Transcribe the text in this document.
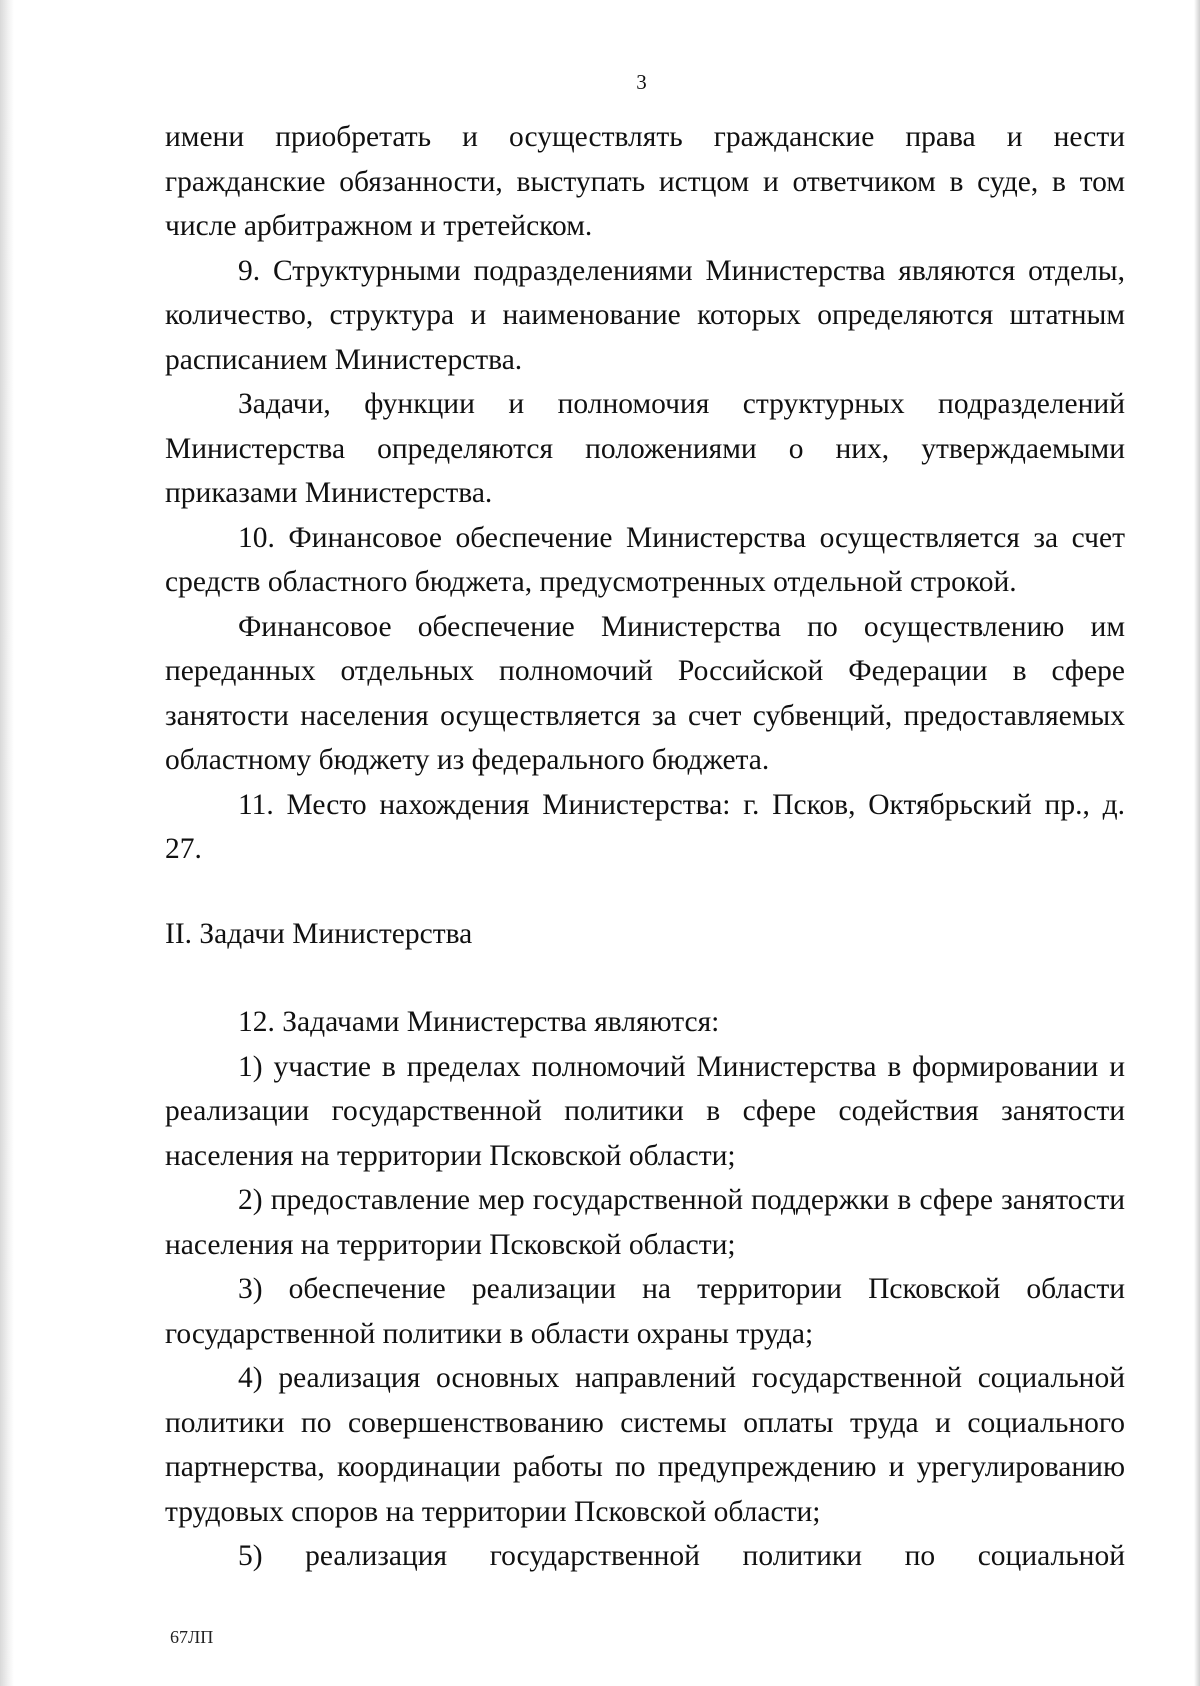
3

имени приобретать и осуществлять гражданские права и нести гражданские обязанности, выступать истцом и ответчиком в суде, в том числе арбитражном и третейском.

9. Структурными подразделениями Министерства являются отделы, количество, структура и наименование которых определяются штатным расписанием Министерства.

Задачи, функции и полномочия структурных подразделений Министерства определяются положениями о них, утверждаемыми приказами Министерства.

10. Финансовое обеспечение Министерства осуществляется за счет средств областного бюджета, предусмотренных отдельной строкой.

Финансовое обеспечение Министерства по осуществлению им переданных отдельных полномочий Российской Федерации в сфере занятости населения осуществляется за счет субвенций, предоставляемых областному бюджету из федерального бюджета.

11. Место нахождения Министерства: г. Псков, Октябрьский пр., д. 27.

II. Задачи Министерства

12. Задачами Министерства являются:

1) участие в пределах полномочий Министерства в формировании и реализации государственной политики в сфере содействия занятости населения на территории Псковской области;

2) предоставление мер государственной поддержки в сфере занятости населения на территории Псковской области;

3) обеспечение реализации на территории Псковской области государственной политики в области охраны труда;

4) реализация основных направлений государственной социальной политики по совершенствованию системы оплаты труда и социального партнерства, координации работы по предупреждению и урегулированию трудовых споров на территории Псковской области;

5) реализация государственной политики по социальной

67ЛП
